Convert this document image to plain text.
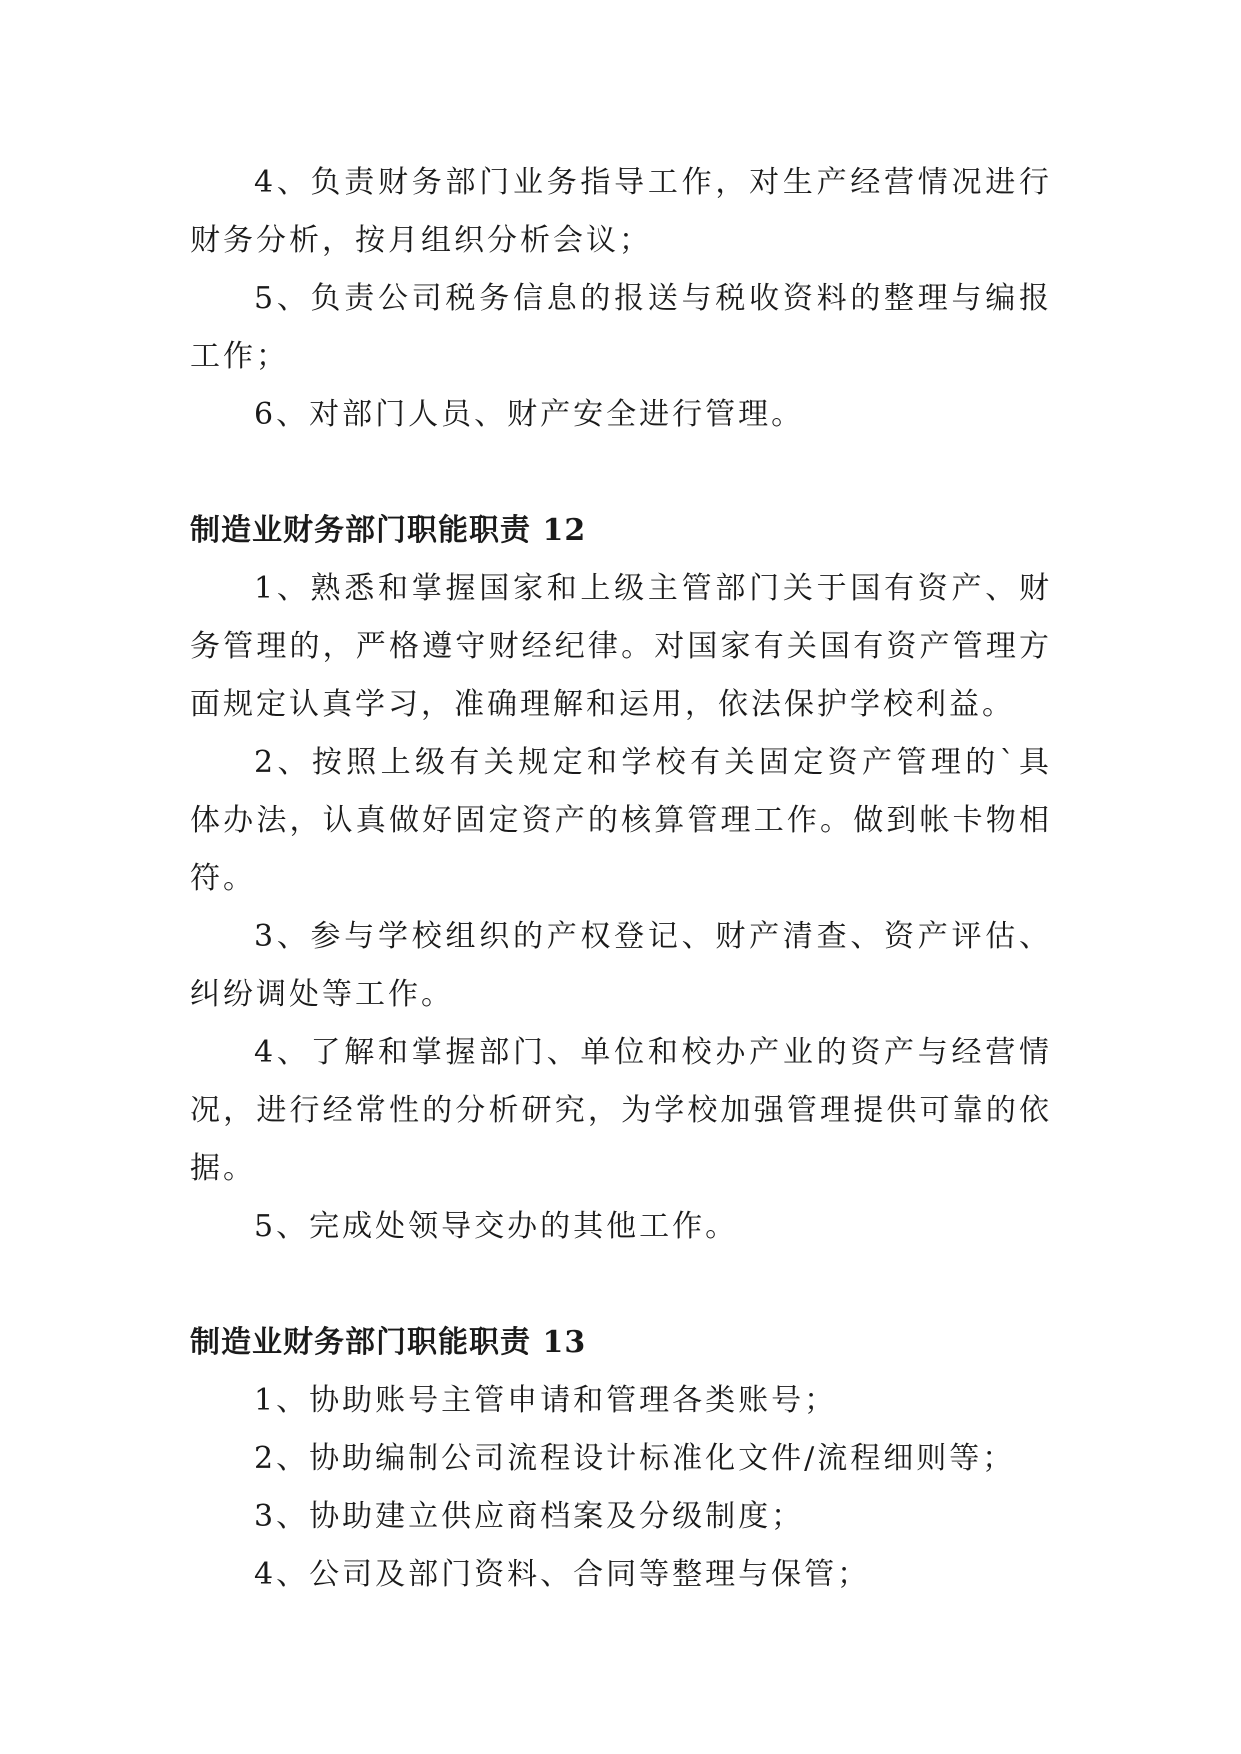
4、负责财务部门业务指导工作，对生产经营情况进行财务分析，按月组织分析会议；

5、负责公司税务信息的报送与税收资料的整理与编报工作；

6、对部门人员、财产安全进行管理。

制造业财务部门职能职责 12

1、熟悉和掌握国家和上级主管部门关于国有资产、财务管理的，严格遵守财经纪律。对国家有关国有资产管理方面规定认真学习，准确理解和运用，依法保护学校利益。

2、按照上级有关规定和学校有关固定资产管理的`具体办法，认真做好固定资产的核算管理工作。做到帐卡物相符。

3、参与学校组织的产权登记、财产清查、资产评估、纠纷调处等工作。

4、了解和掌握部门、单位和校办产业的资产与经营情况，进行经常性的分析研究，为学校加强管理提供可靠的依据。

5、完成处领导交办的其他工作。

制造业财务部门职能职责 13

1、协助账号主管申请和管理各类账号；

2、协助编制公司流程设计标准化文件/流程细则等；

3、协助建立供应商档案及分级制度；

4、公司及部门资料、合同等整理与保管；
